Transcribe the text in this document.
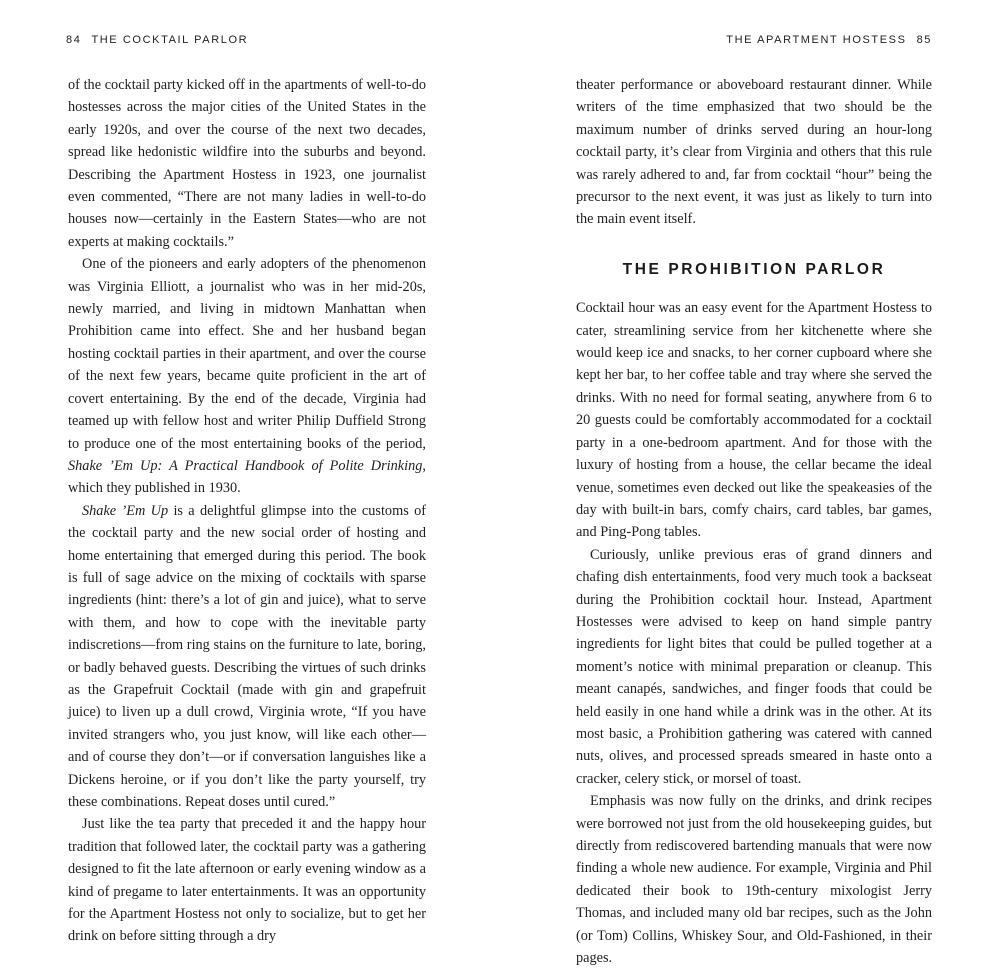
84 THE COCKTAIL PARLOR

of the cocktail party kicked off in the apartments of well-to-do hostesses across the major cities of the United States in the early 1920s, and over the course of the next two decades, spread like hedonistic wildfire into the suburbs and beyond. Describing the Apartment Hostess in 1923, one journalist even commented, “There are not many ladies in well-to-do houses now—certainly in the Eastern States—who are not experts at making cocktails.”

One of the pioneers and early adopters of the phenomenon was Virginia Elliott, a journalist who was in her mid-20s, newly married, and living in midtown Manhattan when Prohibition came into effect. She and her husband began hosting cocktail parties in their apartment, and over the course of the next few years, became quite proficient in the art of covert entertaining. By the end of the decade, Virginia had teamed up with fellow host and writer Philip Duffield Strong to produce one of the most entertaining books of the period, Shake ’Em Up: A Practical Handbook of Polite Drinking, which they published in 1930.

Shake ’Em Up is a delightful glimpse into the customs of the cocktail party and the new social order of hosting and home entertaining that emerged during this period. The book is full of sage advice on the mixing of cocktails with sparse ingredients (hint: there’s a lot of gin and juice), what to serve with them, and how to cope with the inevitable party indiscretions—from ring stains on the furniture to late, boring, or badly behaved guests. Describing the virtues of such drinks as the Grapefruit Cocktail (made with gin and grapefruit juice) to liven up a dull crowd, Virginia wrote, “If you have invited strangers who, you just know, will like each other—and of course they don’t—or if conversation languishes like a Dickens heroine, or if you don’t like the party yourself, try these combinations. Repeat doses until cured.”

Just like the tea party that preceded it and the happy hour tradition that followed later, the cocktail party was a gathering designed to fit the late afternoon or early evening window as a kind of pregame to later entertainments. It was an opportunity for the Apartment Hostess not only to socialize, but to get her drink on before sitting through a dry

THE APARTMENT HOSTESS 85

theater performance or aboveboard restaurant dinner. While writers of the time emphasized that two should be the maximum number of drinks served during an hour-long cocktail party, it’s clear from Virginia and others that this rule was rarely adhered to and, far from cocktail “hour” being the precursor to the next event, it was just as likely to turn into the main event itself.

THE PROHIBITION PARLOR

Cocktail hour was an easy event for the Apartment Hostess to cater, streamlining service from her kitchenette where she would keep ice and snacks, to her corner cupboard where she kept her bar, to her coffee table and tray where she served the drinks. With no need for formal seating, anywhere from 6 to 20 guests could be comfortably accommodated for a cocktail party in a one-bedroom apartment. And for those with the luxury of hosting from a house, the cellar became the ideal venue, sometimes even decked out like the speakeasies of the day with built-in bars, comfy chairs, card tables, bar games, and Ping-Pong tables.

Curiously, unlike previous eras of grand dinners and chafing dish entertainments, food very much took a backseat during the Prohibition cocktail hour. Instead, Apartment Hostesses were advised to keep on hand simple pantry ingredients for light bites that could be pulled together at a moment’s notice with minimal preparation or cleanup. This meant canapés, sandwiches, and finger foods that could be held easily in one hand while a drink was in the other. At its most basic, a Prohibition gathering was catered with canned nuts, olives, and processed spreads smeared in haste onto a cracker, celery stick, or morsel of toast.

Emphasis was now fully on the drinks, and drink recipes were borrowed not just from the old housekeeping guides, but directly from rediscovered bartending manuals that were now finding a whole new audience. For example, Virginia and Phil dedicated their book to 19th-century mixologist Jerry Thomas, and included many old bar recipes, such as the John (or Tom) Collins, Whiskey Sour, and Old-Fashioned, in their pages.
